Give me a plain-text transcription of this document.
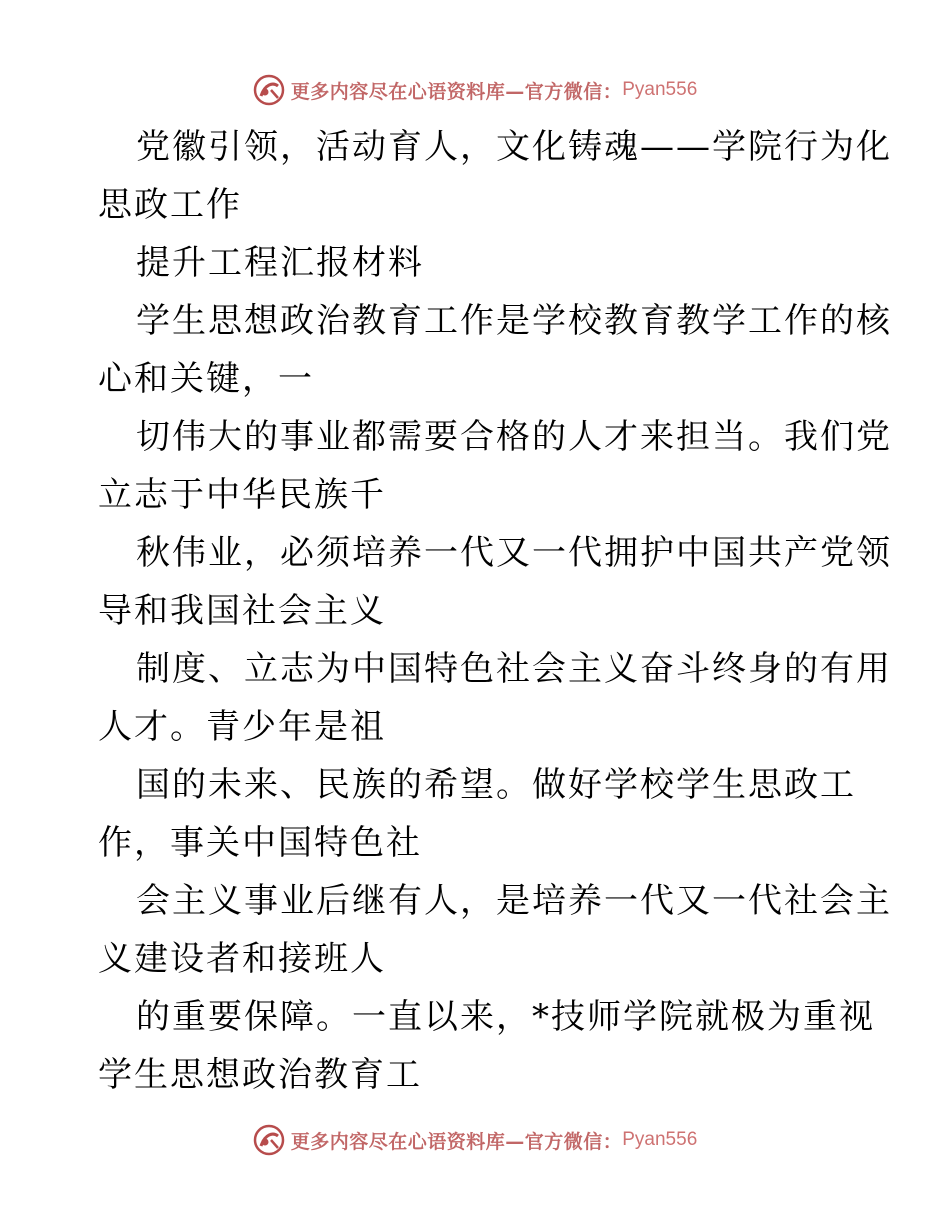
更多内容尽在心语资料库—官方微信： Pyan556
党徽引领，活动育人，文化铸魂——学院行为化
思政工作
提升工程汇报材料
学生思想政治教育工作是学校教育教学工作的核
心和关键，一
切伟大的事业都需要合格的人才来担当。我们党
立志于中华民族千
秋伟业，必须培养一代又一代拥护中国共产党领
导和我国社会主义
制度、立志为中国特色社会主义奋斗终身的有用
人才。青少年是祖
国的未来、民族的希望。做好学校学生思政工
作，事关中国特色社
会主义事业后继有人，是培养一代又一代社会主
义建设者和接班人
的重要保障。一直以来，*技师学院就极为重视
学生思想政治教育工
更多内容尽在心语资料库—官方微信： Pyan556
